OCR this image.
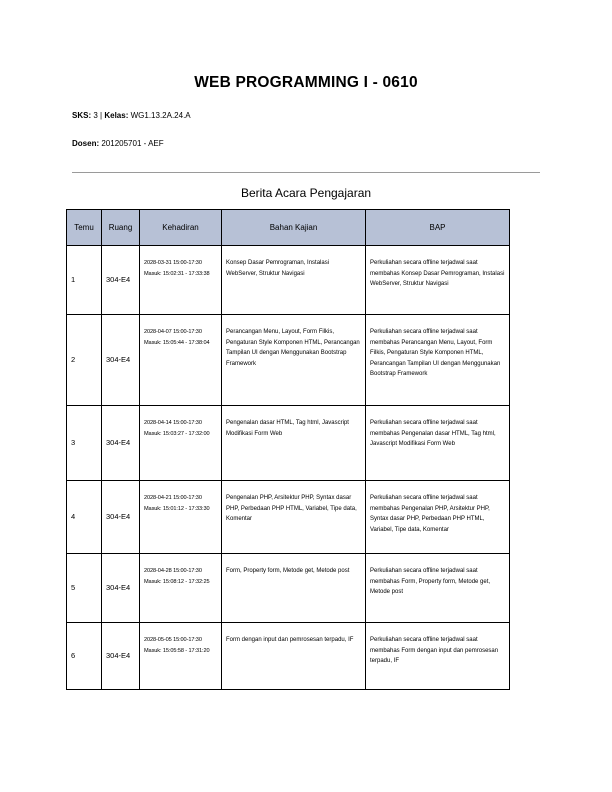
WEB PROGRAMMING I - 0610
SKS: 3 | Kelas: WG1.13.2A.24.A
Dosen: 201205701 - AEF
Berita Acara Pengajaran
Temu	Ruang	Kehadiran	Bahan Kajian	BAP
1	304-E4	2028-03-31 15:00-17:30 Masuk: 15:02:31 - 17:33:38	Konsep Dasar Pemrograman, Instalasi WebServer, Struktur Navigasi	Perkuliahan secara offline terjadwal saat membahas Konsep Dasar Pemrograman, Instalasi WebServer, Struktur Navigasi
2	304-E4	2028-04-07 15:00-17:30 Masuk: 15:05:44 - 17:38:04	Perancangan Menu, Layout, Form Filkis, Pengaturan Style Komponen HTML, Perancangan Tampilan UI dengan Menggunakan Bootstrap Framework	Perkuliahan secara offline terjadwal saat membahas Perancangan Menu, Layout, Form Filkis, Pengaturan Style Komponen HTML, Perancangan Tampilan UI dengan Menggunakan Bootstrap Framework
3	304-E4	2028-04-14 15:00-17:30 Masuk: 15:03:27 - 17:32:00	Pengenalan dasar HTML, Tag html, Javascript Modifikasi Form Web	Perkuliahan secara offline terjadwal saat membahas Pengenalan dasar HTML, Tag html, Javascript Modifikasi Form Web
4	304-E4	2028-04-21 15:00-17:30 Masuk: 15:01:12 - 17:33:30	Pengenalan PHP, Arsitektur PHP, Syntax dasar PHP, Perbedaan PHP HTML, Variabel, Tipe data, Komentar	Perkuliahan secara offline terjadwal saat membahas Pengenalan PHP, Arsitektur PHP, Syntax dasar PHP, Perbedaan PHP HTML, Variabel, Tipe data, Komentar
5	304-E4	2028-04-28 15:00-17:30 Masuk: 15:08:12 - 17:32:25	Form, Property form, Metode get, Metode post	Perkuliahan secara offline terjadwal saat membahas Form, Property form, Metode get, Metode post
6	304-E4	2028-05-05 15:00-17:30 Masuk: 15:05:58 - 17:31:20	Form dengan input dan pemrosesan terpadu, IF	Perkuliahan secara offline terjadwal saat membahas Form dengan input dan pemrosesan terpadu, IF
